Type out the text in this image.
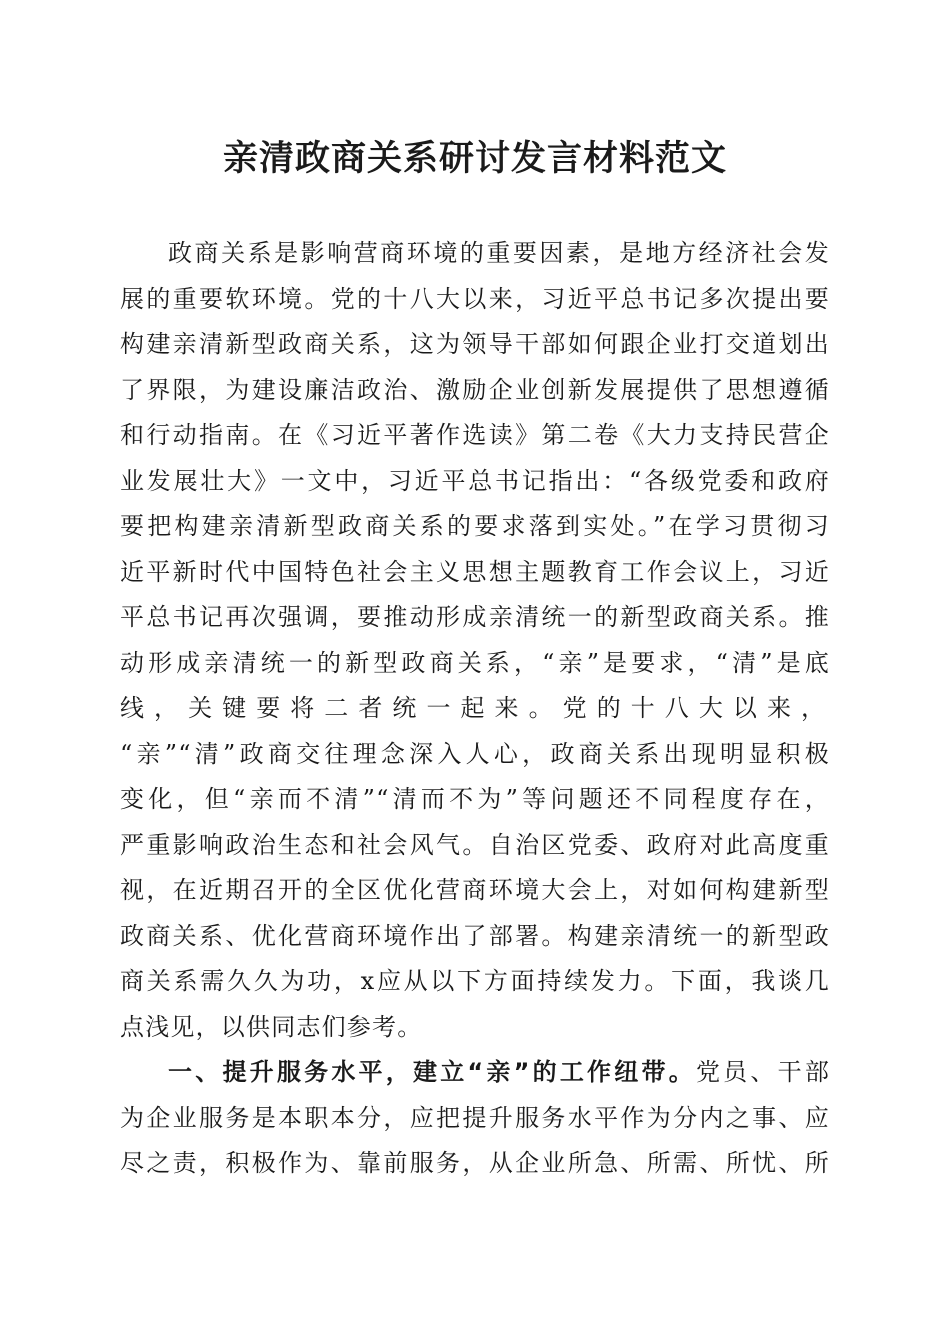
亲清政商关系研讨发言材料范文
政商关系是影响营商环境的重要因素，是地方经济社会发
展的重要软环境。党的十八大以来，习近平总书记多次提出要
构建亲清新型政商关系，这为领导干部如何跟企业打交道划出
了界限，为建设廉洁政治、激励企业创新发展提供了思想遵循
和行动指南。在《习近平著作选读》第二卷《大力支持民营企
业发展壮大》一文中，习近平总书记指出：“各级党委和政府
要把构建亲清新型政商关系的要求落到实处。”在学习贯彻习
近平新时代中国特色社会主义思想主题教育工作会议上，习近
平总书记再次强调，要推动形成亲清统一的新型政商关系。推
动形成亲清统一的新型政商关系，“亲”是要求，“清”是底
线，关键要将二者统一起来。党的十八大以来，
“亲”“清”政商交往理念深入人心，政商关系出现明显积极
变化，但“亲而不清”“清而不为”等问题还不同程度存在，
严重影响政治生态和社会风气。自治区党委、政府对此高度重
视，在近期召开的全区优化营商环境大会上，对如何构建新型
政商关系、优化营商环境作出了部署。构建亲清统一的新型政
商关系需久久为功，x应从以下方面持续发力。下面，我谈几
点浅见，以供同志们参考。
一、提升服务水平，建立“亲”的工作纽带。党员、干部
为企业服务是本职本分，应把提升服务水平作为分内之事、应
尽之责，积极作为、靠前服务，从企业所急、所需、所忧、所
